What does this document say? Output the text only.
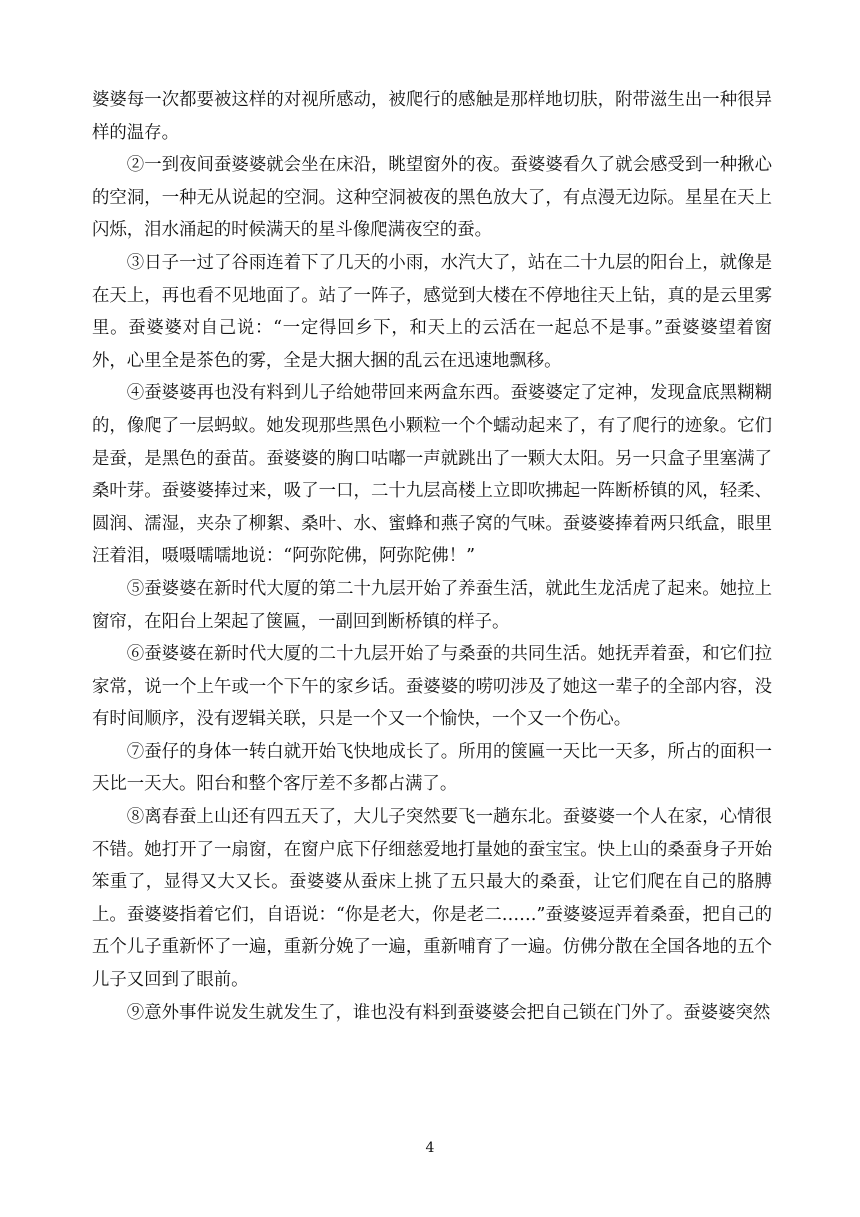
婆婆每一次都要被这样的对视所感动，被爬行的感触是那样地切肤，附带滋生出一种很异样的温存。

②一到夜间蚕婆婆就会坐在床沿，眺望窗外的夜。蚕婆婆看久了就会感受到一种揪心的空洞，一种无从说起的空洞。这种空洞被夜的黑色放大了，有点漫无边际。星星在天上闪烁，泪水涌起的时候满天的星斗像爬满夜空的蚕。

③日子一过了谷雨连着下了几天的小雨，水汽大了，站在二十九层的阳台上，就像是在天上，再也看不见地面了。站了一阵子，感觉到大楼在不停地往天上钻，真的是云里雾里。蚕婆婆对自己说：“一定得回乡下，和天上的云活在一起总不是事。”蚕婆婆望着窗外，心里全是茶色的雾，全是大捆大捆的乱云在迅速地飘移。

④蚕婆婆再也没有料到儿子给她带回来两盒东西。蚕婆婆定了定神，发现盒底黑糊糊的，像爬了一层蚂蚁。她发现那些黑色小颗粒一个个蠕动起来了，有了爬行的迹象。它们是蚕，是黑色的蚕苗。蚕婆婆的胸口咕嘟一声就跳出了一颗大太阳。另一只盒子里塞满了桑叶芽。蚕婆婆捧过来，吸了一口，二十九层高楼上立即吹拂起一阵断桥镇的风，轻柔、圆润、濡湿，夹杂了柳絮、桑叶、水、蜜蜂和燕子窝的气味。蚕婆婆捧着两只纸盒，眼里汪着泪，嗫嗫嚅嚅地说：“阿弥陀佛，阿弥陀佛！”

⑤蚕婆婆在新时代大厦的第二十九层开始了养蚕生活，就此生龙活虎了起来。她拉上窗帘，在阳台上架起了箧匾，一副回到断桥镇的样子。

⑥蚕婆婆在新时代大厦的二十九层开始了与桑蚕的共同生活。她抚弄着蚕，和它们拉家常，说一个上午或一个下午的家乡话。蚕婆婆的唠叨涉及了她这一辈子的全部内容，没有时间顺序，没有逻辑关联，只是一个又一个愉快，一个又一个伤心。

⑦蚕仔的身体一转白就开始飞快地成长了。所用的箧匾一天比一天多，所占的面积一天比一天大。阳台和整个客厅差不多都占满了。

⑧离春蚕上山还有四五天了，大儿子突然要飞一趟东北。蚕婆婆一个人在家，心情很不错。她打开了一扇窗，在窗户底下仔细慈爱地打量她的蚕宝宝。快上山的桑蚕身子开始笨重了，显得又大又长。蚕婆婆从蚕床上挑了五只最大的桑蚕，让它们爬在自己的胳膊上。蚕婆婆指着它们，自语说：“你是老大，你是老二……”蚕婆婆逗弄着桑蚕，把自己的五个儿子重新怀了一遍，重新分娩了一遍，重新哺育了一遍。仿佛分散在全国各地的五个儿子又回到了眼前。

⑨意外事件说发生就发生了，谁也没有料到蚕婆婆会把自己锁在门外了。蚕婆婆突然

4
